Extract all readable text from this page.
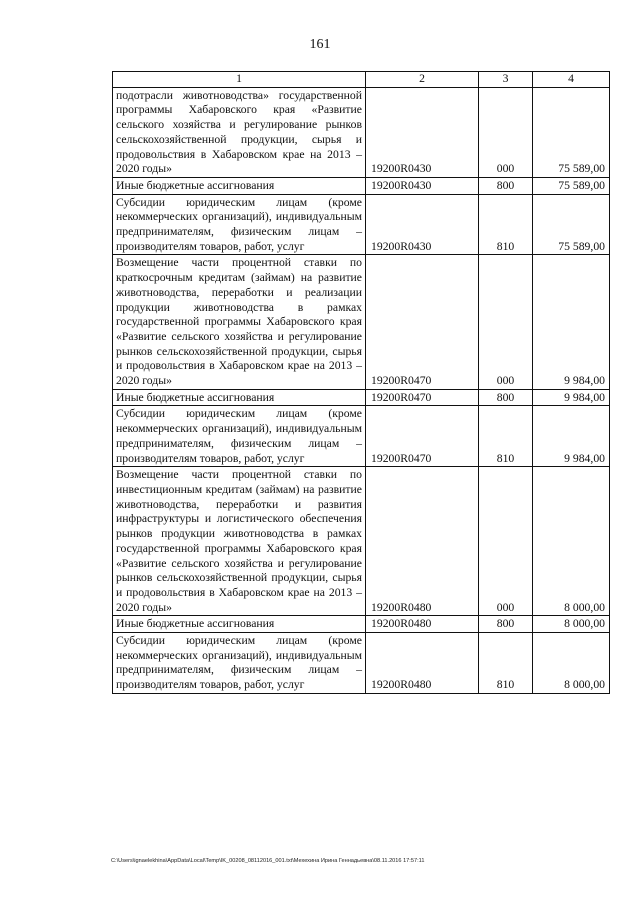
161
1	2	3	4
подотрасли животноводства» государственной программы Хабаровского края «Развитие сельского хозяйства и регулирование рынков сельскохозяйственной продукции, сырья и продовольствия в Хабаровском крае на 2013 – 2020 годы»	19200R0430	000	75 589,00
Иные бюджетные ассигнования	19200R0430	800	75 589,00
Субсидии юридическим лицам (кроме некоммерческих организаций), индивидуальным предпринимателям, физическим лицам – производителям товаров, работ, услуг	19200R0430	810	75 589,00
Возмещение части процентной ставки по краткосрочным кредитам (займам) на развитие животноводства, переработки и реализации продукции животноводства в рамках государственной программы Хабаровского края «Развитие сельского хозяйства и регулирование рынков сельскохозяйственной продукции, сырья и продовольствия в Хабаровском крае на 2013 – 2020 годы»	19200R0470	000	9 984,00
Иные бюджетные ассигнования	19200R0470	800	9 984,00
Субсидии юридическим лицам (кроме некоммерческих организаций), индивидуальным предпринимателям, физическим лицам – производителям товаров, работ, услуг	19200R0470	810	9 984,00
Возмещение части процентной ставки по инвестиционным кредитам (займам) на развитие животноводства, переработки и развития инфраструктуры и логистического обеспечения рынков продукции животноводства в рамках государственной программы Хабаровского края «Развитие сельского хозяйства и регулирование рынков сельскохозяйственной продукции, сырья и продовольствия в Хабаровском крае на 2013 – 2020 годы»	19200R0480	000	8 000,00
Иные бюджетные ассигнования	19200R0480	800	8 000,00
Субсидии юридическим лицам (кроме некоммерческих организаций), индивидуальным предпринимателям, физическим лицам – производителям товаров, работ, услуг	19200R0480	810	8 000,00
C:\Users\ignaelekhina\AppData\Local\Temp\IK_00208_08112016_001.txt\Мехехина Ирина Геннадьевна\08.11.2016 17:57:11
